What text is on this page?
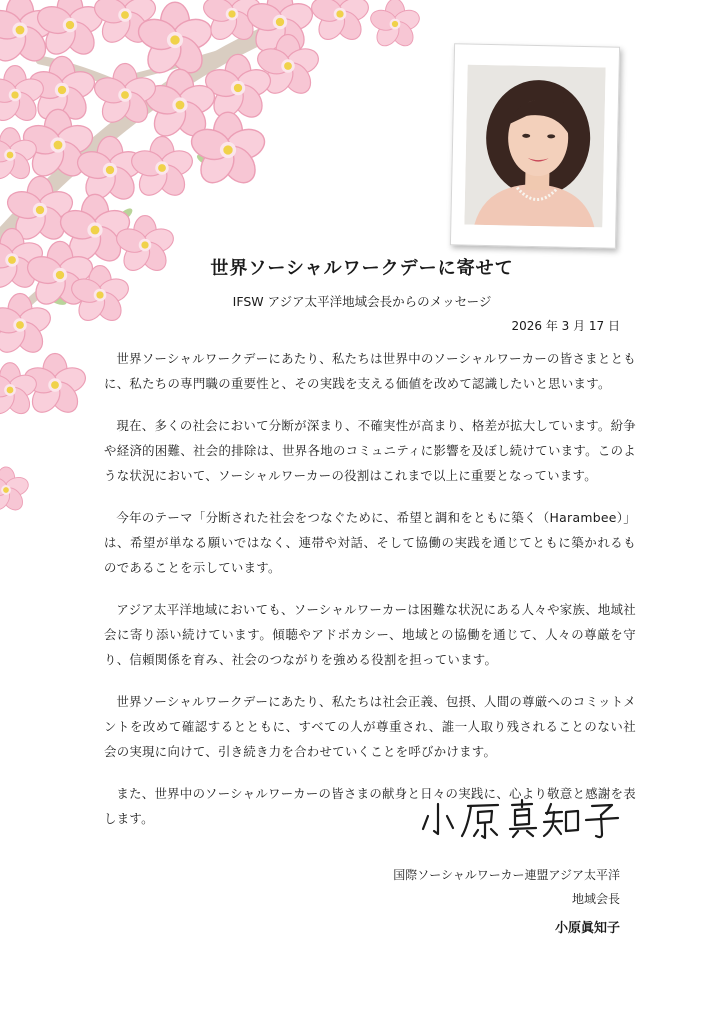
世界ソーシャルワークデーに寄せて
IFSW アジア太平洋地域会長からのメッセージ
2026 年 3 月 17 日

世界ソーシャルワークデーにあたり、私たちは世界中のソーシャルワーカーの皆さまとともに、私たちの専門職の重要性と、その実践を支える価値を改めて認識したいと思います。

現在、多くの社会において分断が深まり、不確実性が高まり、格差が拡大しています。紛争や経済的困難、社会的排除は、世界各地のコミュニティに影響を及ぼし続けています。このような状況において、ソーシャルワーカーの役割はこれまで以上に重要となっています。

今年のテーマ「分断された社会をつなぐために、希望と調和をともに築く（Harambee）」は、希望が単なる願いではなく、連帯や対話、そして協働の実践を通じてともに築かれるものであることを示しています。

アジア太平洋地域においても、ソーシャルワーカーは困難な状況にある人々や家族、地域社会に寄り添い続けています。傾聴やアドボカシー、地域との協働を通じて、人々の尊厳を守り、信頼関係を育み、社会のつながりを強める役割を担っています。

世界ソーシャルワークデーにあたり、私たちは社会正義、包摂、人間の尊厳へのコミットメントを改めて確認するとともに、すべての人が尊重され、誰一人取り残されることのない社会の実現に向けて、引き続き力を合わせていくことを呼びかけます。

また、世界中のソーシャルワーカーの皆さまの献身と日々の実践に、心より敬意と感謝を表します。

国際ソーシャルワーカー連盟アジア太平洋
地域会長
小原眞知子
